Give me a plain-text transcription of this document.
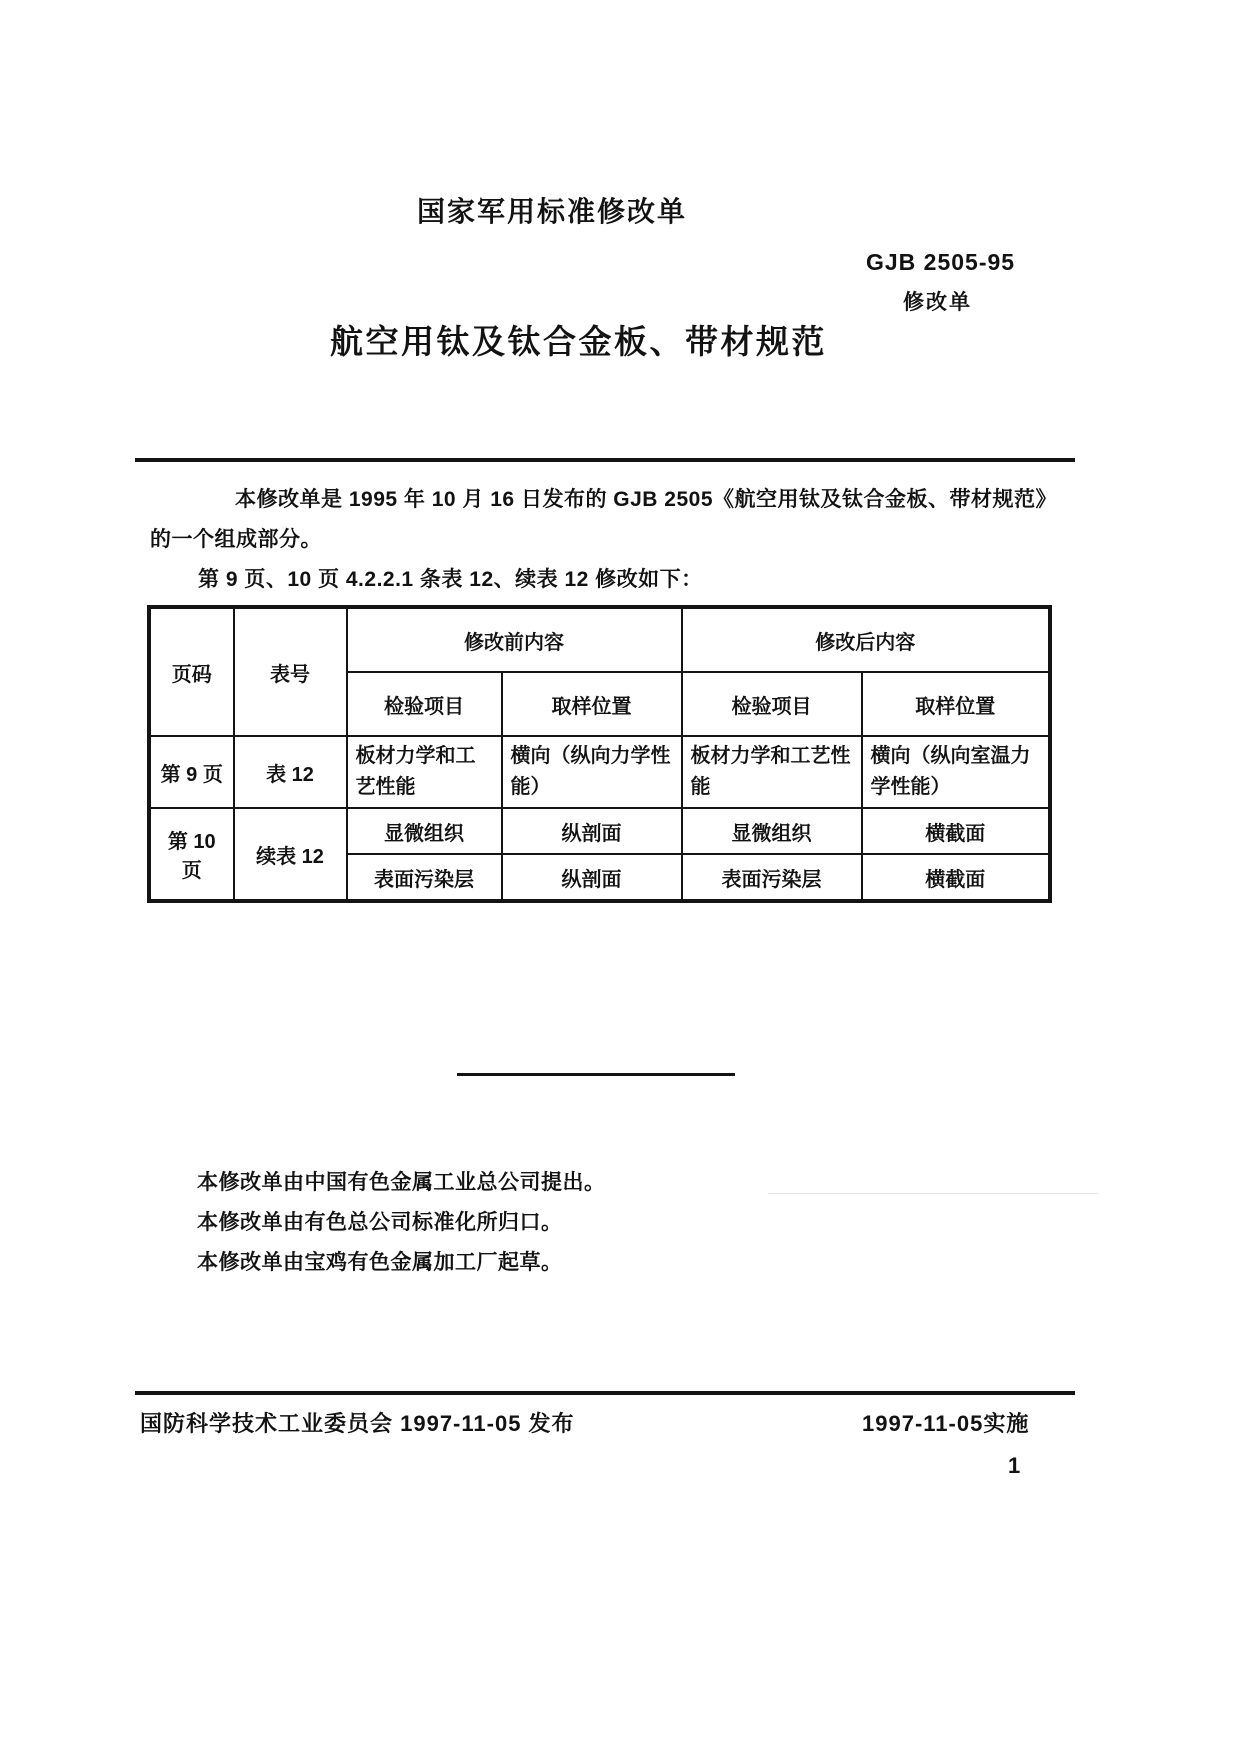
国家军用标准修改单
GJB 2505-95
修改单
航空用钛及钛合金板、带材规范

本修改单是 1995 年 10 月 16 日发布的 GJB 2505《航空用钛及钛合金板、带材规范》

的一个组成部分。

第 9 页、10 页 4.2.2.1 条表 12、续表 12 修改如下：

页码	表号	修改前内容		修改后内容	
		检验项目	取样位置	检验项目	取样位置
第 9 页	表 12	板材力学和工艺性能	横向（纵向力学性能）	板材力学和工艺性能	横向（纵向室温力学性能）
第 10 页	续表 12	显微组织	纵剖面	显微组织	横截面
		表面污染层	纵剖面	表面污染层	横截面

本修改单由中国有色金属工业总公司提出。

本修改单由有色总公司标准化所归口。

本修改单由宝鸡有色金属加工厂起草。

国防科学技术工业委员会 1997-11-05 发布	1997-11-05实施
1
